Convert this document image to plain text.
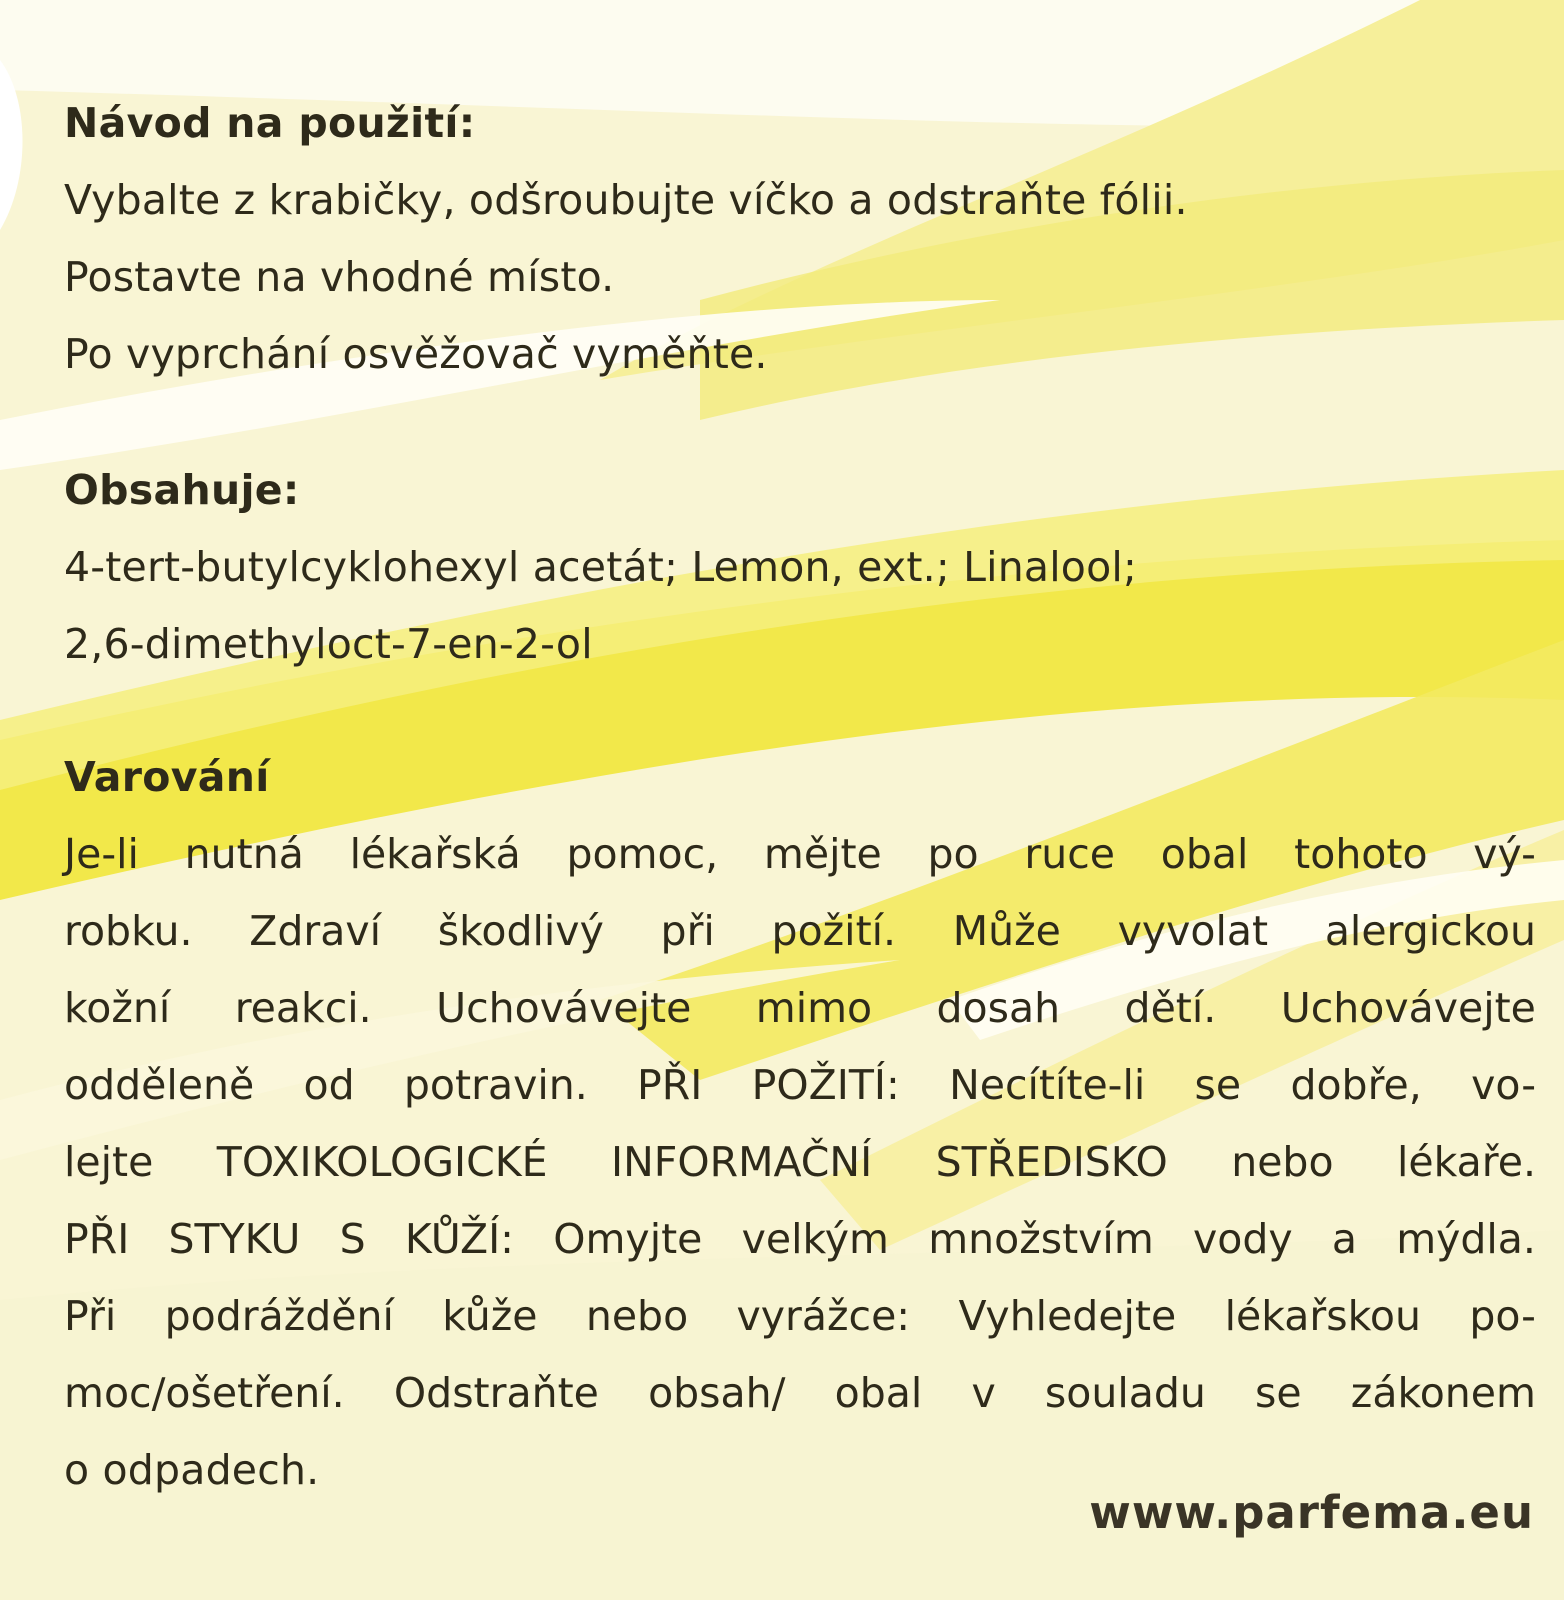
Návod na použití:

Vybalte z krabičky, odšroubujte víčko a odstraňte fólii.

Postavte na vhodné místo.

Po vyprchání osvěžovač vyměňte.

Obsahuje:

4-tert-butylcyklohexyl acetát; Lemon, ext.; Linalool;

2,6-dimethyloct-7-en-2-ol

Varování

Je-li nutná lékařská pomoc, mějte po ruce obal tohoto vý-

robku. Zdraví škodlivý při požití. Může vyvolat alergickou

kožní reakci. Uchovávejte mimo dosah dětí. Uchovávejte

odděleně od potravin. PŘI POŽITÍ: Necítíte-li se dobře, vo-

lejte TOXIKOLOGICKÉ INFORMAČNÍ STŘEDISKO nebo lékaře.

PŘI STYKU S KŮŽÍ: Omyjte velkým množstvím vody a mýdla.

Při podráždění kůže nebo vyrážce: Vyhledejte lékařskou po-

moc/ošetření. Odstraňte obsah/ obal v souladu se zákonem

o odpadech.

www.parfema.eu
